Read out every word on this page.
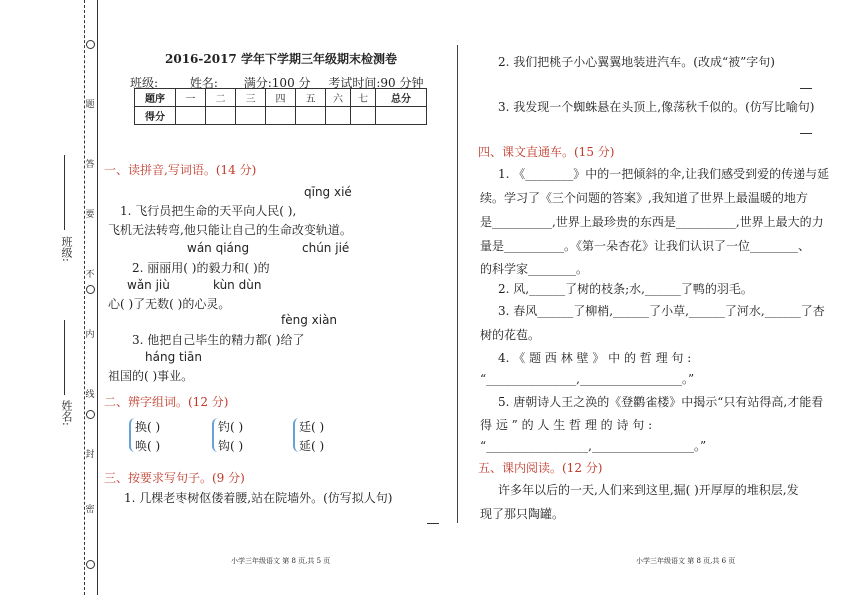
题
答
要
不
内
线
封
密
班级:
姓名:
2016-2017 学年下学期三年级期末检测卷
班级:	姓名: 满分:100 分 考试时间:90 分钟
题序	一	二	三	四	五	六	七	总分
得分								
一、读拼音,写词语。(14 分)
qīng xié
1. 飞行员把生命的天平向人民( ),
飞机无法转弯,他只能让自己的生命改变轨道。
wán qiáng	chún jié
2. 丽丽用( )的毅力和( )的
wǎn jiù	kùn dùn
心( )了无数( )的心灵。
fèng xiàn
3. 他把自己毕生的精力都( )给了
háng tiān
祖国的( )事业。
二、辨字组词。(12 分)
换( )
唤( )
钓( )
钩( )
廷( )
延( )
三、按要求写句子。(9 分)
1. 几棵老枣树伛偻着腰,站在院墙外。(仿写拟人句)
2. 我们把桃子小心翼翼地装进汽车。(改成“被”字句)
3. 我发现一个蜘蛛悬在头顶上,像荡秋千似的。(仿写比喻句)
四、课文直通车。(15 分)
1. 《________》中的一把倾斜的伞,让我们感受到爱的传递与延
续。学习了《三个问题的答案》,我知道了世界上最温暖的地方
是__________,世界上最珍贵的东西是__________,世界上最大的力
量是__________。《第一朵杏花》让我们认识了一位________、
的科学家________。
2. 风,______了树的枝条;水,______了鸭的羽毛。
3. 春风______了柳梢,______了小草,______了河水,______了杏
树的花苞。
4. 《 题 西 林 壁 》 中 的 哲 理 句 :
“_______________,_________________。”
5. 唐朝诗人王之涣的《登鹳雀楼》中揭示“只有站得高,才能看
得 远 ” 的 人 生 哲 理 的 诗 句 :
“_________________,_________________。”
五、课内阅读。(12 分)
许多年以后的一天,人们来到这里,掘( )开厚厚的堆积层,发
现了那只陶罐。
小学三年级语文 第 8 页,共 5 页	小学三年级语文 第 8 页,共 6 页
